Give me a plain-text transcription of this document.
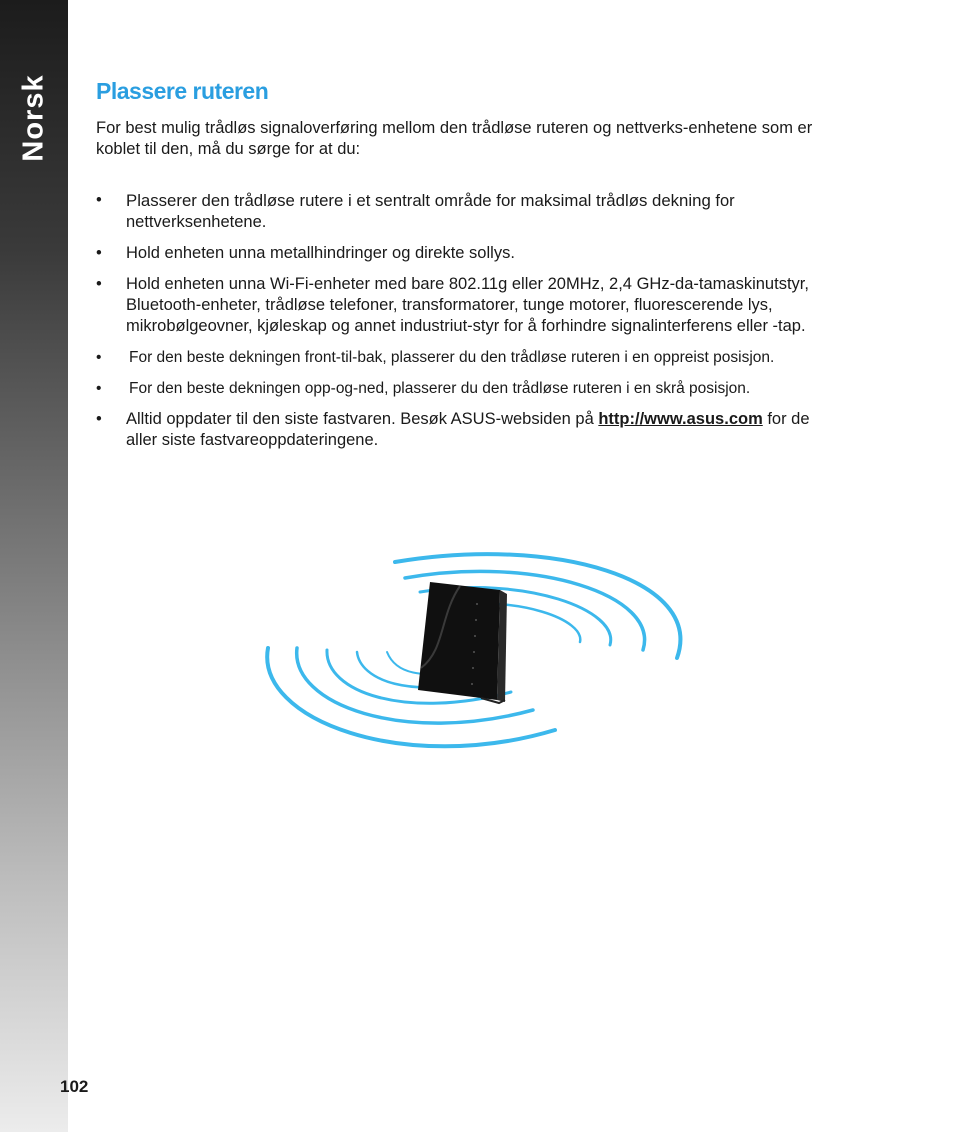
Norsk Plassere ruteren

For best mulig trådløs signaloverføring mellom den trådløse ruteren og nettverks-enhetene som er koblet til den, må du sørge for at du:

• Plasserer den trådløse rutere i et sentralt område for maksimal trådløs dekning for nettverksenhetene.
• Hold enheten unna metallhindringer og direkte sollys.
• Hold enheten unna Wi-Fi-enheter med bare 802.11g eller 20MHz, 2,4 GHz-da-tamaskinutstyr, Bluetooth-enheter, trådløse telefoner, transformatorer, tunge motorer, fluorescerende lys, mikrobølgeovner, kjøleskap og annet industriut-styr for å forhindre signalinterferens eller -tap.
• For den beste dekningen front-til-bak, plasserer du den trådløse ruteren i en oppreist posisjon.
• For den beste dekningen opp-og-ned, plasserer du den trådløse ruteren i en skrå posisjon.
• Alltid oppdater til den siste fastvaren. Besøk ASUS-websiden på http://www.asus.com for de aller siste fastvareoppdateringene.
102
